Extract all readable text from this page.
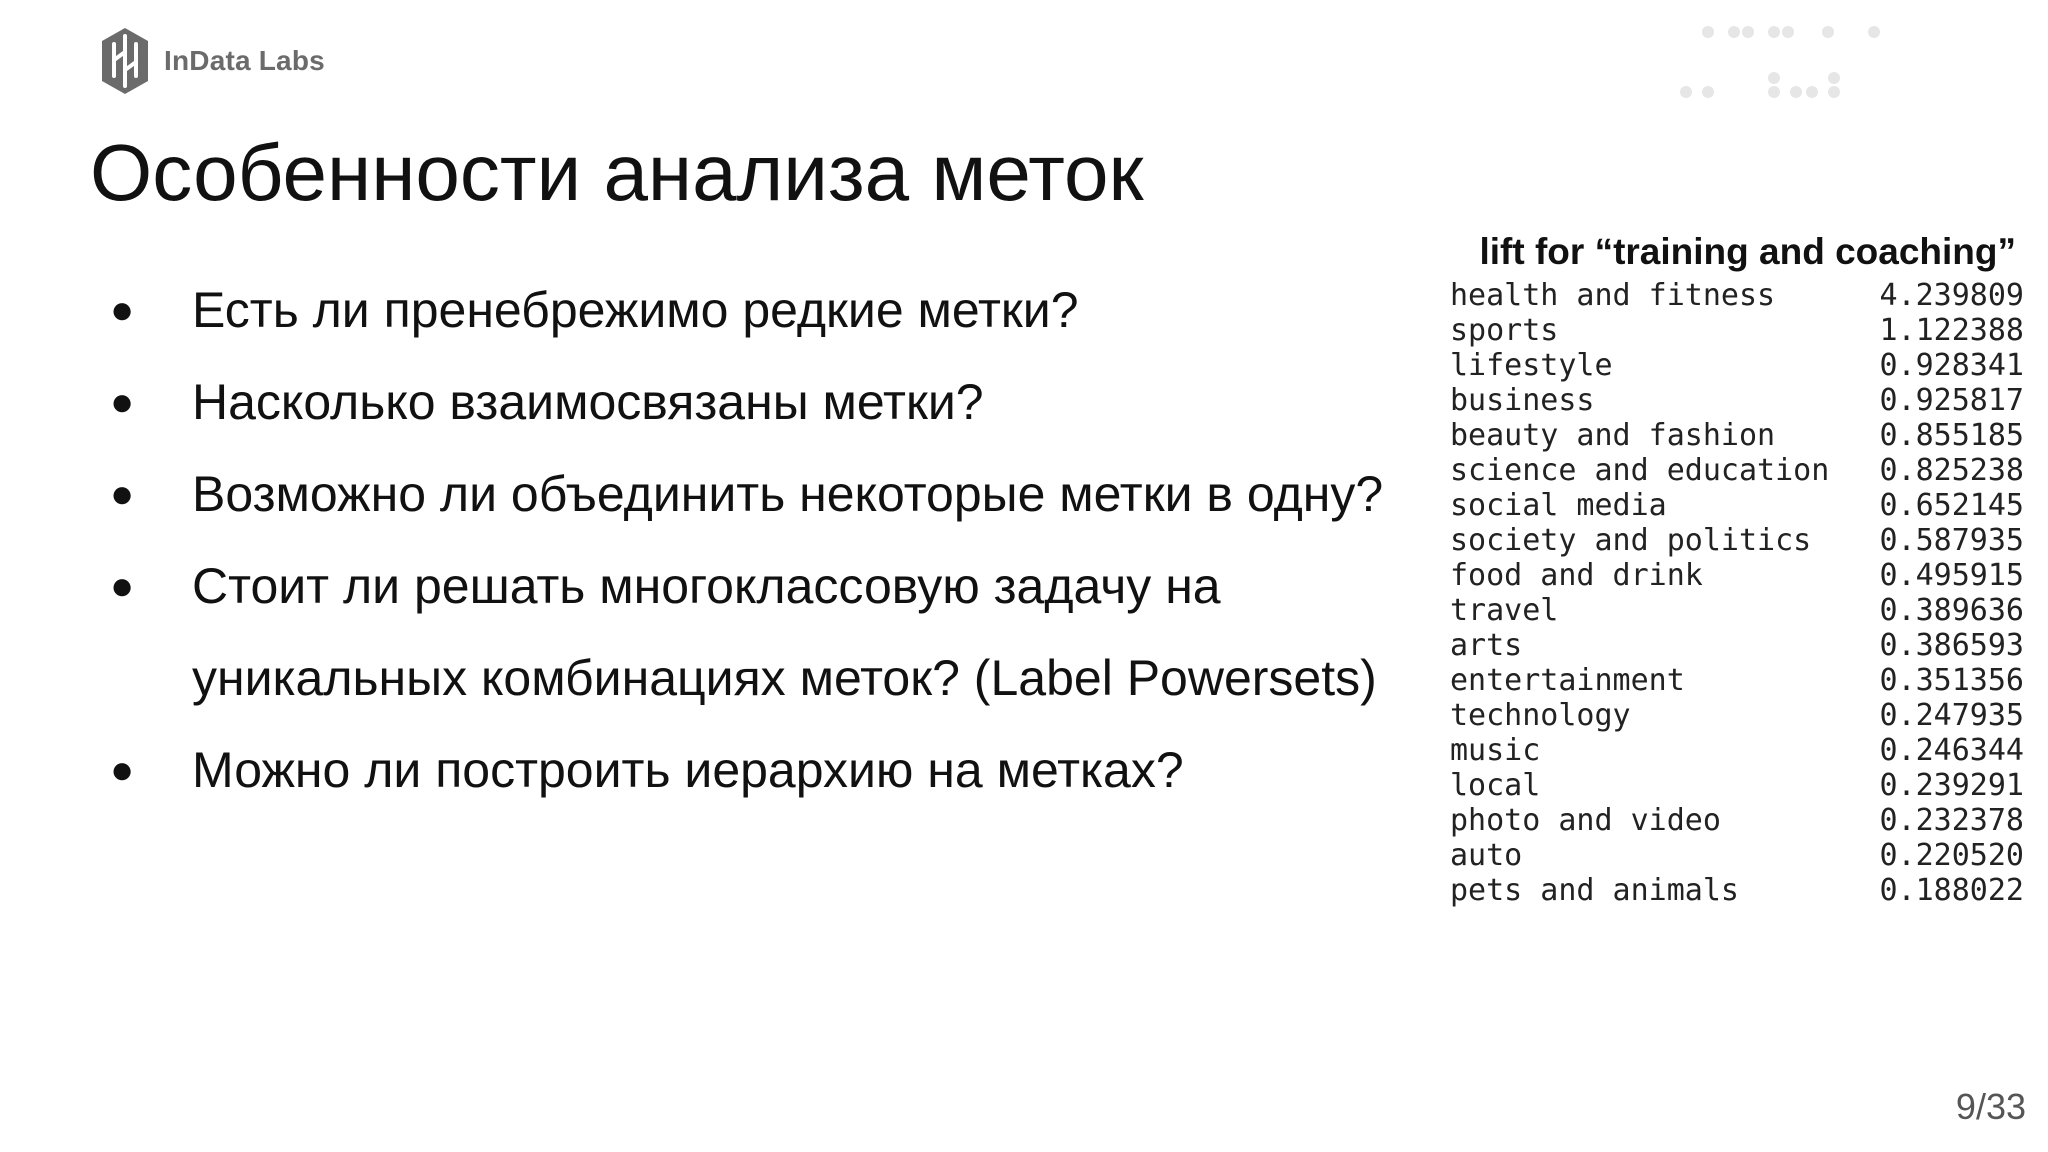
InData Labs
Особенности анализа меток
●	Есть ли пренебрежимо редкие метки?
●	Насколько взаимосвязаны метки?
●	Возможно ли объединить некоторые метки в одну?
●	Стоит ли решать многоклассовую задачу на уникальных комбинациях меток? (Label Powersets)
●	Можно ли построить иерархию на метках?
lift for “training and coaching”
health and fitness	4.239809
sports	1.122388
lifestyle	0.928341
business	0.925817
beauty and fashion	0.855185
science and education 0.825238
social media	0.652145
society and politics 0.587935
food and drink	0.495915
travel	0.389636
arts	0.386593
entertainment	0.351356
technology	0.247935
music	0.246344
local	0.239291
photo and video	0.232378
auto	0.220520
pets and animals	0.188022
9/33
